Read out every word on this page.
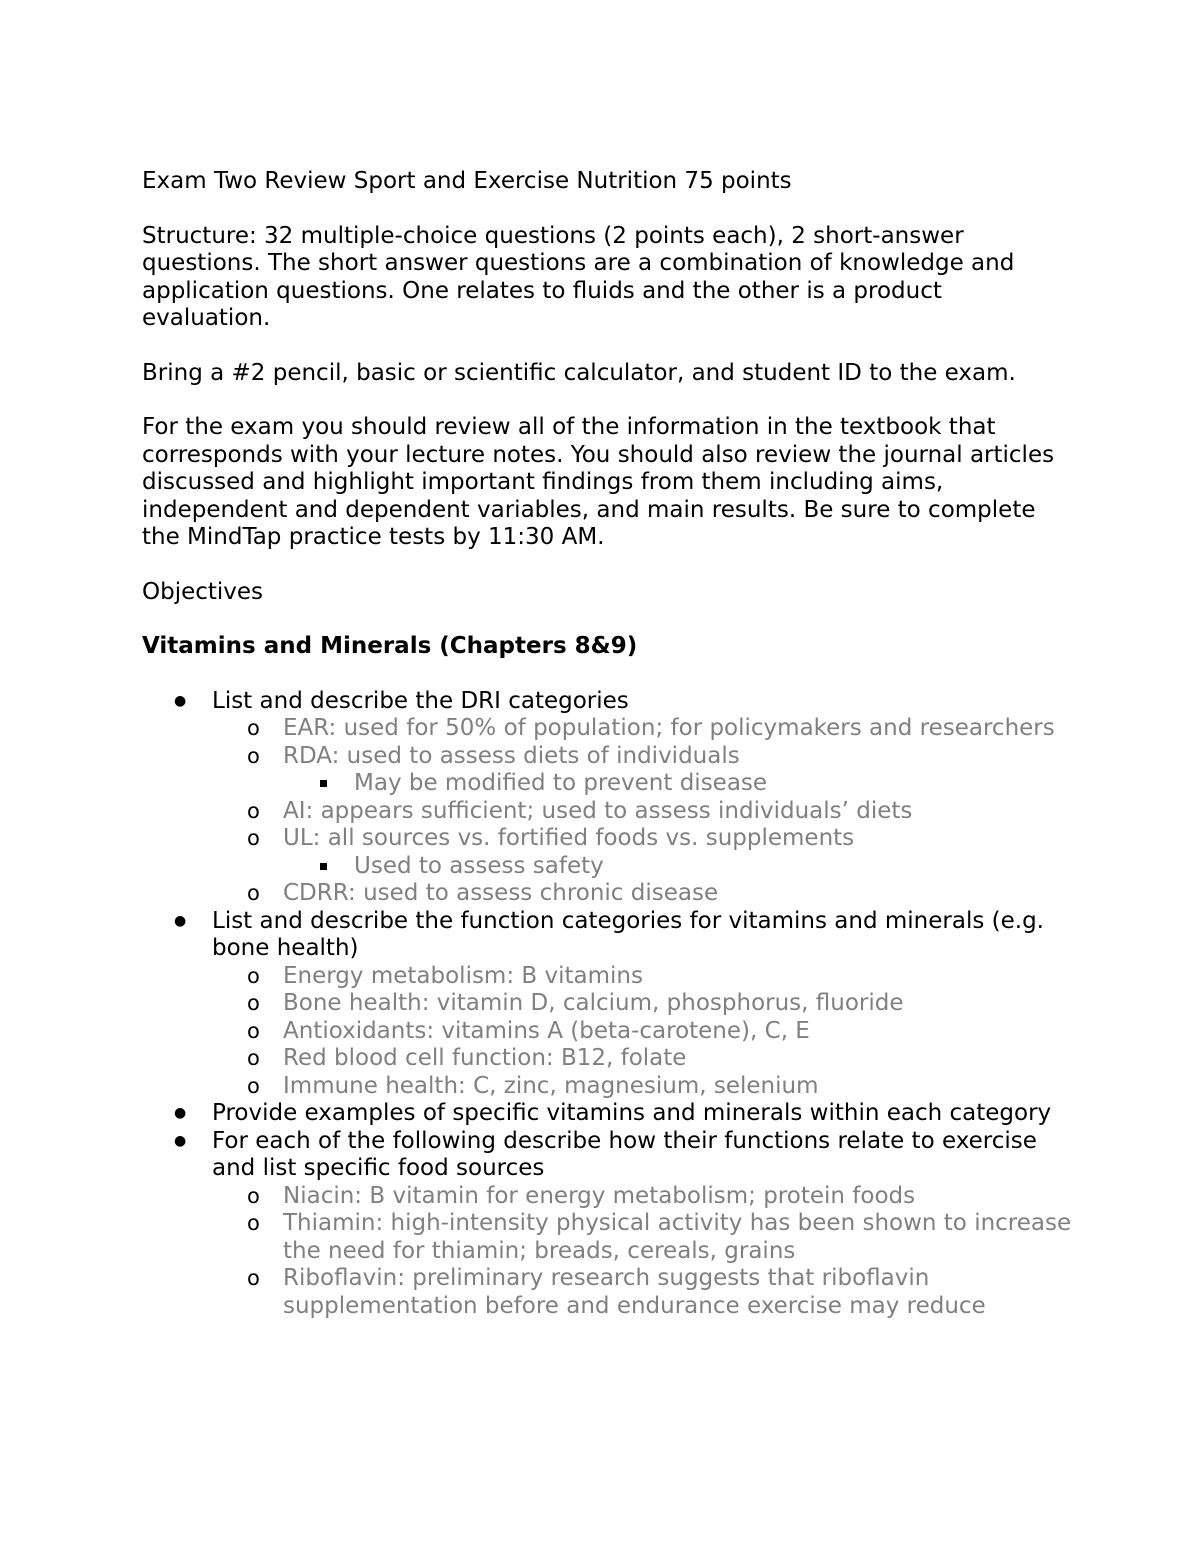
Exam Two Review Sport and Exercise Nutrition 75 points

Structure: 32 multiple-choice questions (2 points each), 2 short-answer questions. The short answer questions are a combination of knowledge and application questions. One relates to fluids and the other is a product evaluation.

Bring a #2 pencil, basic or scientific calculator, and student ID to the exam.

For the exam you should review all of the information in the textbook that corresponds with your lecture notes. You should also review the journal articles discussed and highlight important findings from them including aims, independent and dependent variables, and main results. Be sure to complete the MindTap practice tests by 11:30 AM.

Objectives

Vitamins and Minerals (Chapters 8&9)

● List and describe the DRI categories
o EAR: used for 50% of population; for policymakers and researchers
o RDA: used to assess diets of individuals
May be modified to prevent disease
o AI: appears sufficient; used to assess individuals’ diets
o UL: all sources vs. fortified foods vs. supplements
Used to assess safety
o CDRR: used to assess chronic disease
● List and describe the function categories for vitamins and minerals (e.g. bone health)
o Energy metabolism: B vitamins
o Bone health: vitamin D, calcium, phosphorus, fluoride
o Antioxidants: vitamins A (beta-carotene), C, E
o Red blood cell function: B12, folate
o Immune health: C, zinc, magnesium, selenium
● Provide examples of specific vitamins and minerals within each category
● For each of the following describe how their functions relate to exercise and list specific food sources
o Niacin: B vitamin for energy metabolism; protein foods
o Thiamin: high-intensity physical activity has been shown to increase the need for thiamin; breads, cereals, grains
o Riboflavin: preliminary research suggests that riboflavin supplementation before and endurance exercise may reduce
